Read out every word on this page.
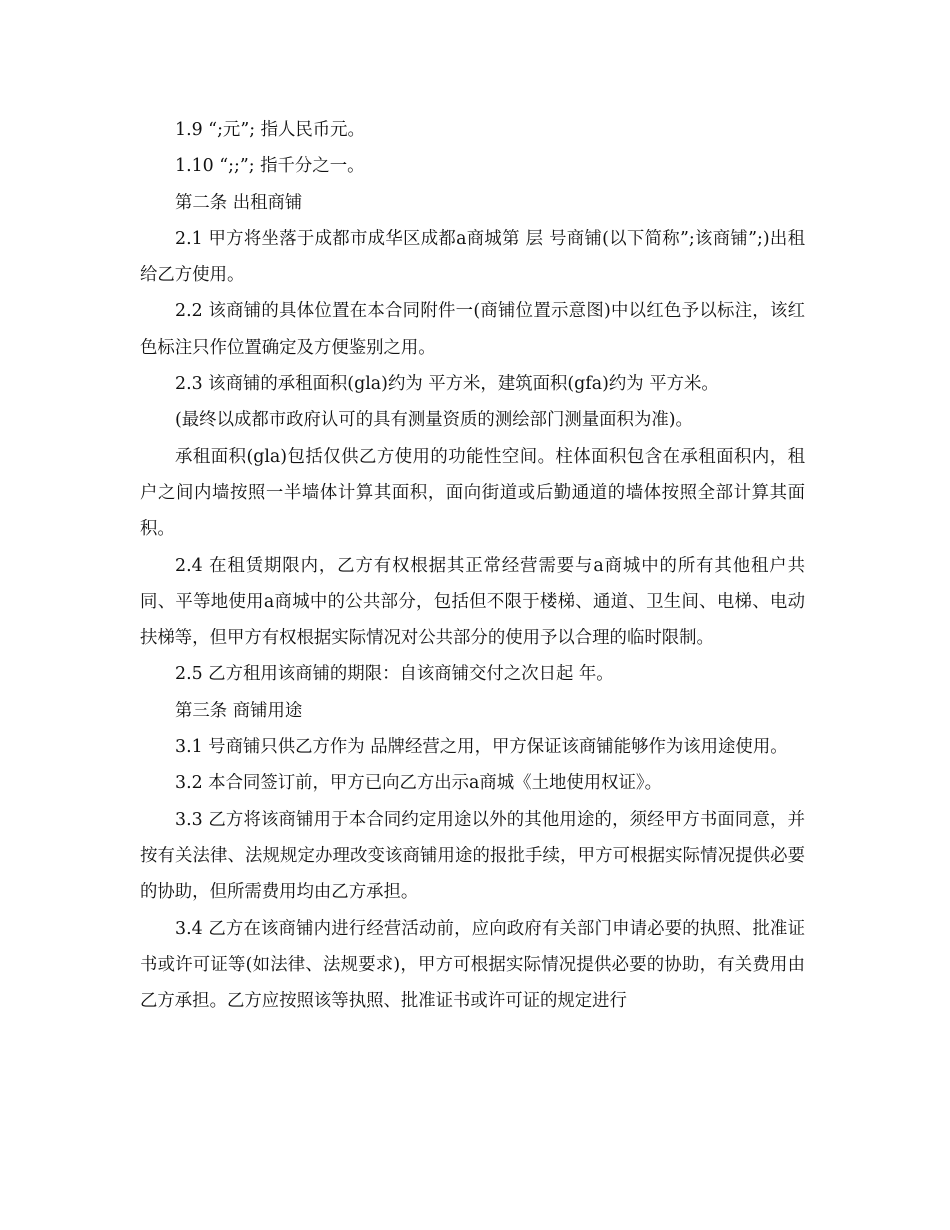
1.9 “;元”; 指人民币元。

1.10 “;;”; 指千分之一。

第二条 出租商铺

2.1 甲方将坐落于成都市成华区成都a商城第 层 号商铺(以下简称”;该商铺”;)出租给乙方使用。

2.2 该商铺的具体位置在本合同附件一(商铺位置示意图)中以红色予以标注，该红色标注只作位置确定及方便鉴别之用。

2.3 该商铺的承租面积(gla)约为 平方米，建筑面积(gfa)约为 平方米。

(最终以成都市政府认可的具有测量资质的测绘部门测量面积为准)。

承租面积(gla)包括仅供乙方使用的功能性空间。柱体面积包含在承租面积内，租户之间内墙按照一半墙体计算其面积，面向街道或后勤通道的墙体按照全部计算其面积。

2.4 在租赁期限内，乙方有权根据其正常经营需要与a商城中的所有其他租户共同、平等地使用a商城中的公共部分，包括但不限于楼梯、通道、卫生间、电梯、电动扶梯等，但甲方有权根据实际情况对公共部分的使用予以合理的临时限制。

2.5 乙方租用该商铺的期限：自该商铺交付之次日起 年。

第三条 商铺用途

3.1 号商铺只供乙方作为 品牌经营之用，甲方保证该商铺能够作为该用途使用。

3.2 本合同签订前，甲方已向乙方出示a商城《土地使用权证》。

3.3 乙方将该商铺用于本合同约定用途以外的其他用途的，须经甲方书面同意，并按有关法律、法规规定办理改变该商铺用途的报批手续，甲方可根据实际情况提供必要的协助，但所需费用均由乙方承担。

3.4 乙方在该商铺内进行经营活动前，应向政府有关部门申请必要的执照、批准证书或许可证等(如法律、法规要求)，甲方可根据实际情况提供必要的协助，有关费用由乙方承担。乙方应按照该等执照、批准证书或许可证的规定进行
